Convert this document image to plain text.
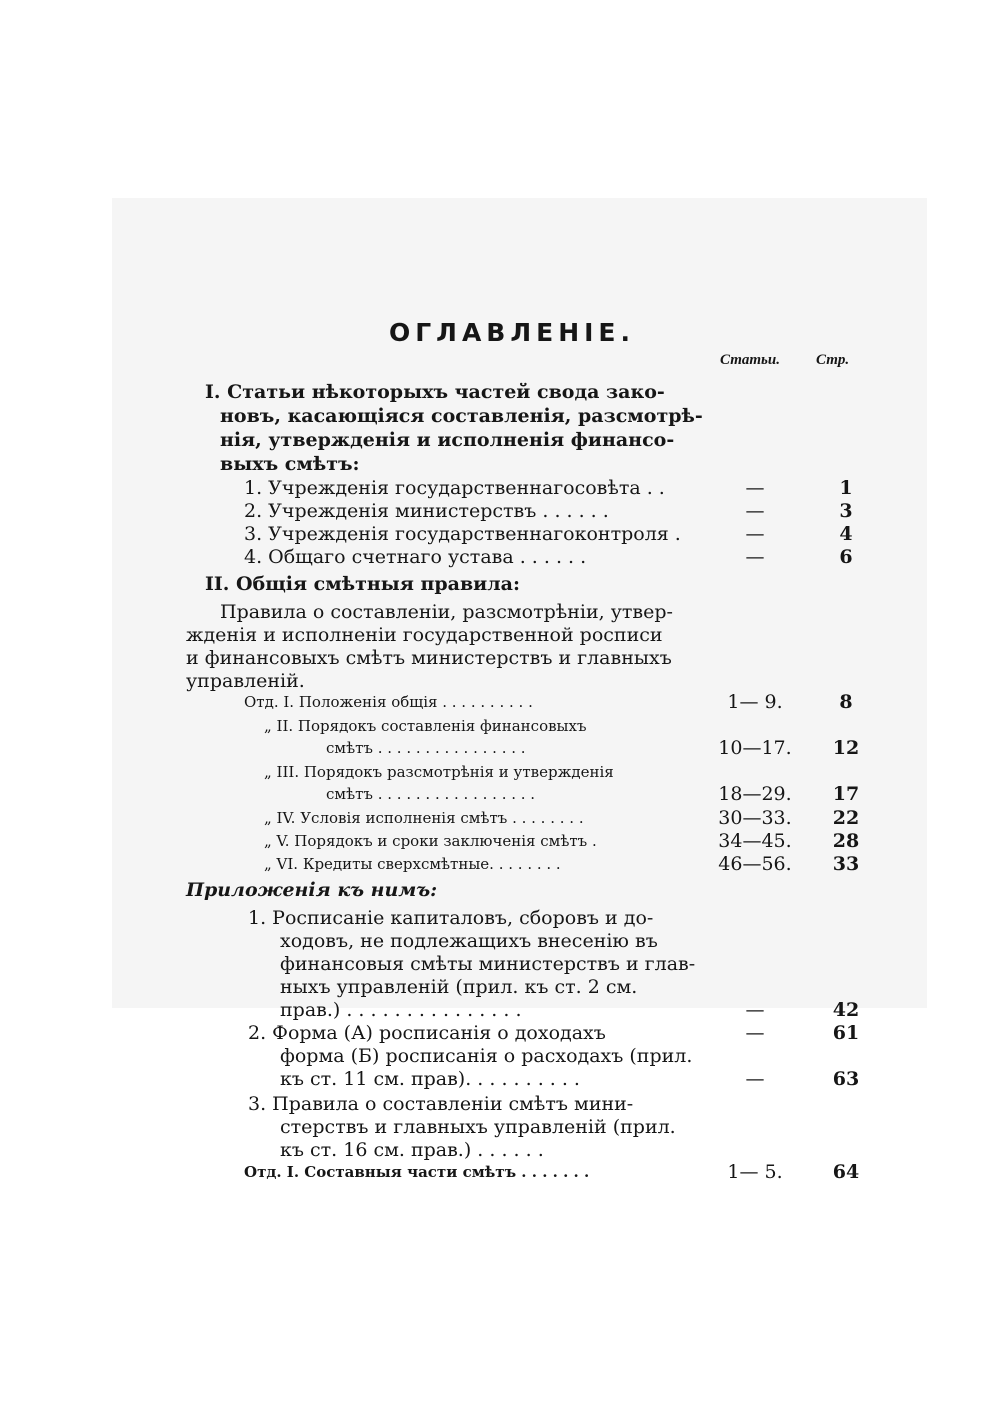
ОГЛАВЛЕНІЕ.
Статьи. Стр.
I. Статьи нѣкоторыхъ частей свода зако-
новъ, касающіяся составленія, разсмотрѣ-
нія, утвержденія и исполненія финансо-
выхъ смѣтъ:
1. Учрежденія государственнагосовѣта . .	—	1
2. Учрежденія министерствъ . . . . . .	—	3
3. Учрежденія государственнагоконтроля .	—	4
4. Общаго счетнаго устава . . . . . .	—	6
II. Общія смѣтныя правила:
Правила о составленіи, разсмотрѣніи, утвер-
жденія и исполненіи государственной росписи
и финансовыхъ смѣтъ министерствъ и главныхъ
управленій.
Отд. I. Положенія общія . . . . . . . . . .	1— 9.	8
„ II. Порядокъ составленія финансовыхъ
смѣтъ . . . . . . . . . . . . . . . .	10—17.	12
„ III. Порядокъ разсмотрѣнія и утвержденія
смѣтъ . . . . . . . . . . . . . . . . .	18—29.	17
„ IV. Условія исполненія смѣтъ . . . . . . . .	30—33.	22
„ V. Порядокъ и сроки заключенія смѣтъ .	34—45.	28
„ VI. Кредиты сверхсмѣтные. . . . . . . .	46—56.	33
Приложенія къ нимъ:
1. Росписаніе капиталовъ, сборовъ и до-
ходовъ, не подлежащихъ внесенію въ
финансовыя смѣты министерствъ и глав-
ныхъ управленій (прил. къ ст. 2 см.
прав.) . . . . . . . . . . . . . . .	—	42
2. Форма (А) росписанія о доходахъ	—	61
форма (Б) росписанія о расходахъ (прил.
къ ст. 11 см. прав). . . . . . . . . .	—	63
3. Правила о составленіи смѣтъ мини-
стерствъ и главныхъ управленій (прил.
къ ст. 16 см. прав.) . . . . . .
Отд. I. Составныя части смѣтъ . . . . . . .	1— 5.	64
